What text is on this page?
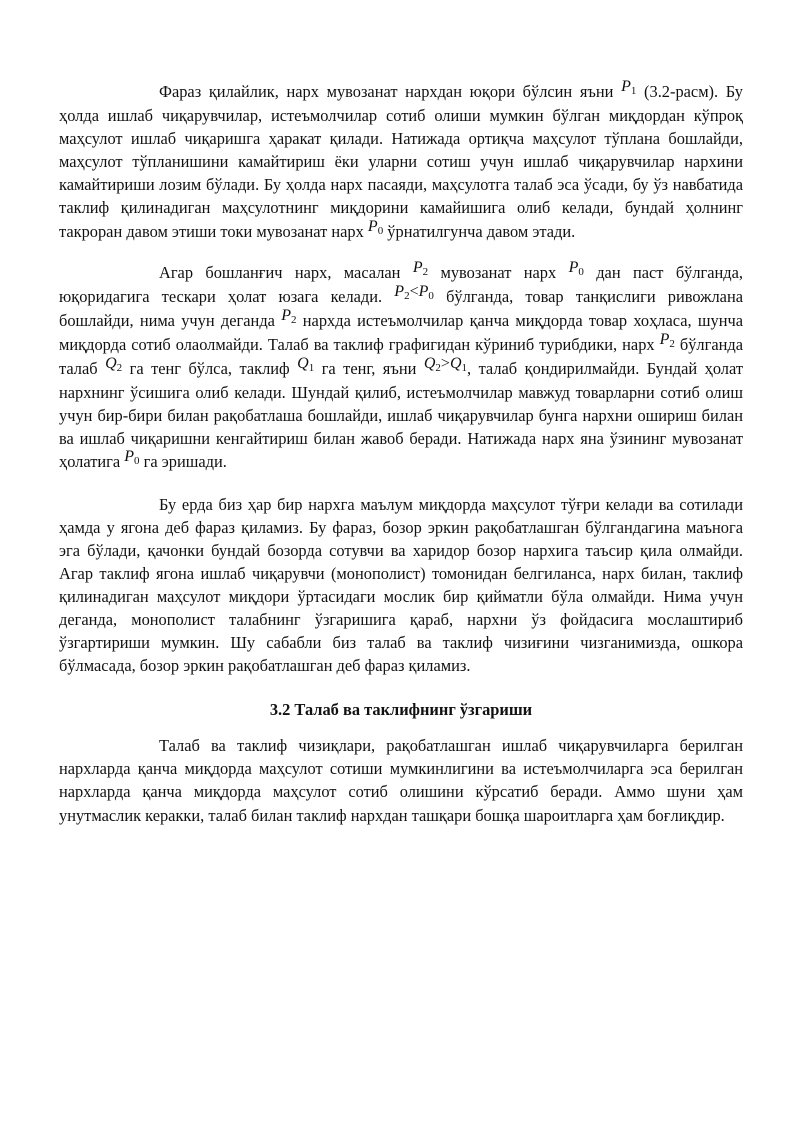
Фараз қилайлик, нарх мувозанат нархдан юқори бўлсин яъни $P_1$ (3.2-расм). Бу ҳолда ишлаб чиқарувчилар, истеъмолчилар сотиб олиши мумкин бўлган миқдордан кўпроқ маҳсулот ишлаб чиқаришга ҳаракат қилади. Натижада ортиқча маҳсулот тўплана бошлайди, маҳсулот тўпланишини камайтириш ёки уларни сотиш учун ишлаб чиқарувчилар нархини камайтириши лозим бўлади. Бу ҳолда нарх пасаяди, маҳсулотга талаб эса ўсади, бу ўз навбатида таклиф қилинадиган маҳсулотнинг миқдорини камайишига олиб келади, бундай ҳолнинг такроран давом этиши токи мувозанат нарх $P_0$ ўрнатилгунча давом этади.

Агар бошланғич нарх, масалан $P_2$ мувозанат нарх $P_0$ дан паст бўлганда, юқоридагига тескари ҳолат юзага келади. $P_2<P_0$ бўлганда, товар танқислиги ривожлана бошлайди, нима учун деганда $P_2$ нархда истеъмолчилар қанча миқдорда товар хоҳласа, шунча миқдорда сотиб олаолмайди. Талаб ва таклиф графигидан кўриниб турибдики, нарх $P_2$ бўлганда талаб $Q_2$ га тенг бўлса, таклиф $Q_1$ га тенг, яъни $Q_2>Q_1$, талаб қондирилмайди. Бундай ҳолат нархнинг ўсишига олиб келади. Шундай қилиб, истеъмолчилар мавжуд товарларни сотиб олиш учун бир-бири билан рақобатлаша бошлайди, ишлаб чиқарувчилар бунга нархни ошириш билан ва ишлаб чиқаришни кенгайтириш билан жавоб беради. Натижада нарх яна ўзининг мувозанат ҳолатига $P_0$ га эришади.

Бу ерда биз ҳар бир нархга маълум миқдорда маҳсулот тўғри келади ва сотилади ҳамда у ягона деб фараз қиламиз. Бу фараз, бозор эркин рақобатлашган бўлгандагина маънога эга бўлади, қачонки бундай бозорда сотувчи ва харидор бозор нархига таъсир қила олмайди. Агар таклиф ягона ишлаб чиқарувчи (монополист) томонидан белгиланса, нарх билан, таклиф қилинадиган маҳсулот миқдори ўртасидаги мослик бир қийматли бўла олмайди. Нима учун деганда, монополист талабнинг ўзгаришига қараб, нархни ўз фойдасига мослаштириб ўзгартириши мумкин. Шу сабабли биз талаб ва таклиф чизиғини чизганимизда, ошкора бўлмасада, бозор эркин рақобатлашган деб фараз қиламиз.

3.2 Талаб ва таклифнинг ўзгариши

Талаб ва таклиф чизиқлари, рақобатлашган ишлаб чиқарувчиларга берилган нархларда қанча миқдорда маҳсулот сотиши мумкинлигини ва истеъмолчиларга эса берилган нархларда қанча миқдорда маҳсулот сотиб олишини кўрсатиб беради. Аммо шуни ҳам унутмаслик керакки, талаб билан таклиф нархдан ташқари бошқа шароитларга ҳам боғлиқдир.
